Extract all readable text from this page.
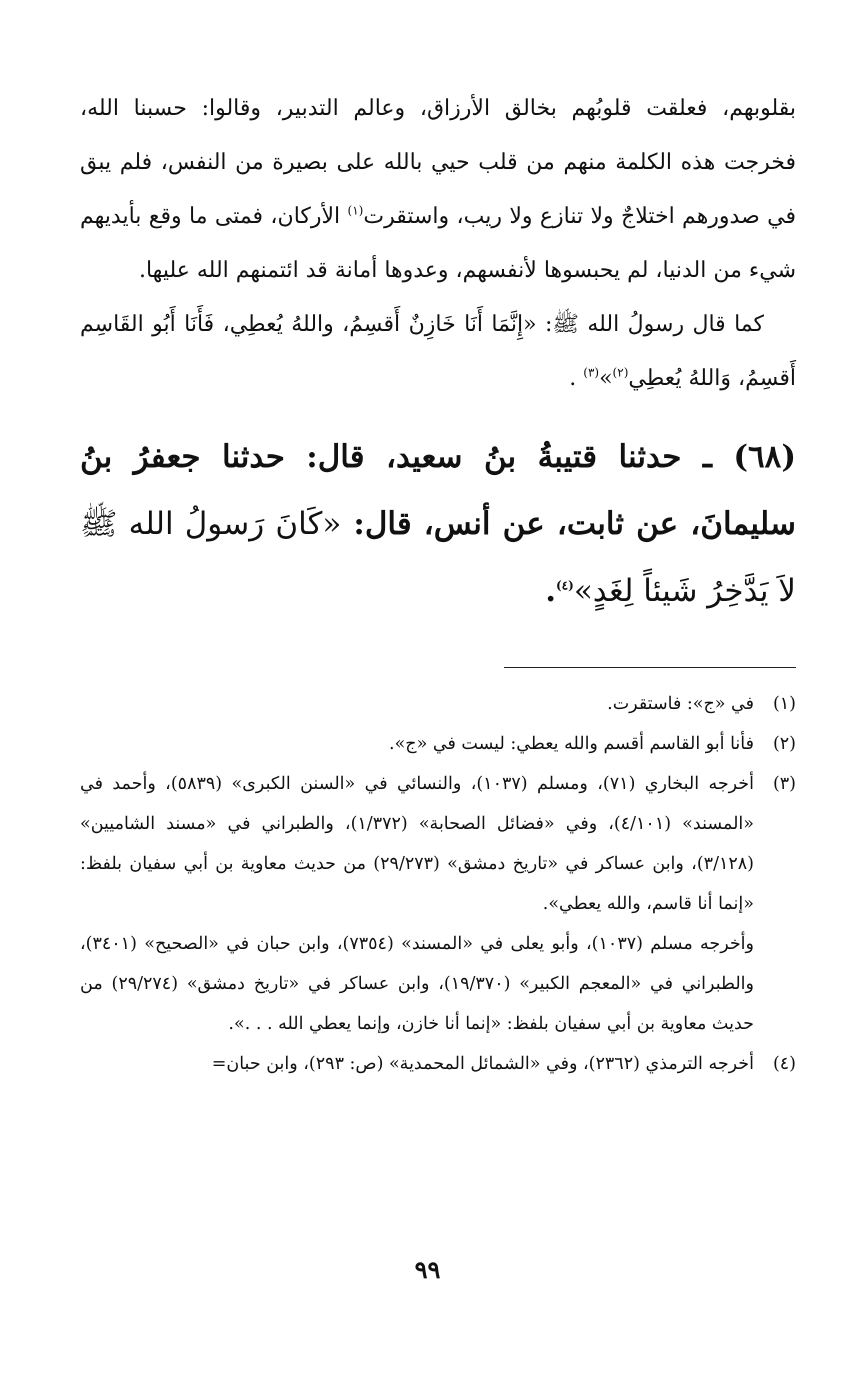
بقلوبهم، فعلقت قلوبُهم بخالق الأرزاق، وعالم التدبير، وقالوا: حسبنا الله، فخرجت هذه الكلمة منهم من قلب حيي بالله على بصيرة من النفس، فلم يبق في صدورهم اختلاجٌ ولا تنازع ولا ريب، واستقرت$^{(١)}$ الأركان، فمتى ما وقع بأيديهم شيء من الدنيا، لم يحبسوها لأنفسهم، وعدوها أمانة قد ائتمنهم الله عليها.

كما قال رسولُ الله ﷺ: «إِنَّمَا أَنَا خَازِنٌ أَقسِمُ، واللهُ يُعطِي، فَأَنَا أَبُو القَاسِم أَقسِمُ، وَاللهُ يُعطِي$^{(٢)}$»$^{(٣)}$ .

(٦٨) ـ حدثنا قتيبةُ بنُ سعيد، قال: حدثنا جعفرُ بنُ سليمانَ، عن ثابت، عن أنس، قال: «كَانَ رَسولُ الله ﷺ لاَ يَدَّخِرُ شَيئاً لِغَدٍ»$^{(٤)}$.
(١)

في «ج»: فاستقرت.

(٢)

فأنا أبو القاسم أقسم والله يعطي: ليست في «ج».

(٣)

أخرجه البخاري (٧١)، ومسلم (١٠٣٧)، والنسائي في «السنن الكبرى» (٥٨٣٩)، وأحمد في «المسند» (٤/١٠١)، وفي «فضائل الصحابة» (١/٣٧٢)، والطبراني في «مسند الشاميين» (٣/١٢٨)، وابن عساكر في «تاريخ دمشق» (٢٩/٢٧٣) من حديث معاوية بن أبي سفيان بلفظ: «إنما أنا قاسم، والله يعطي».

وأخرجه مسلم (١٠٣٧)، وأبو يعلى في «المسند» (٧٣٥٤)، وابن حبان في «الصحيح» (٣٤٠١)، والطبراني في «المعجم الكبير» (١٩/٣٧٠)، وابن عساكر في «تاريخ دمشق» (٢٩/٢٧٤) من حديث معاوية بن أبي سفيان بلفظ: «إنما أنا خازن، وإنما يعطي الله . . .».

(٤)

أخرجه الترمذي (٢٣٦٢)، وفي «الشمائل المحمدية» (ص: ٢٩٣)، وابن حبان=

٩٩
